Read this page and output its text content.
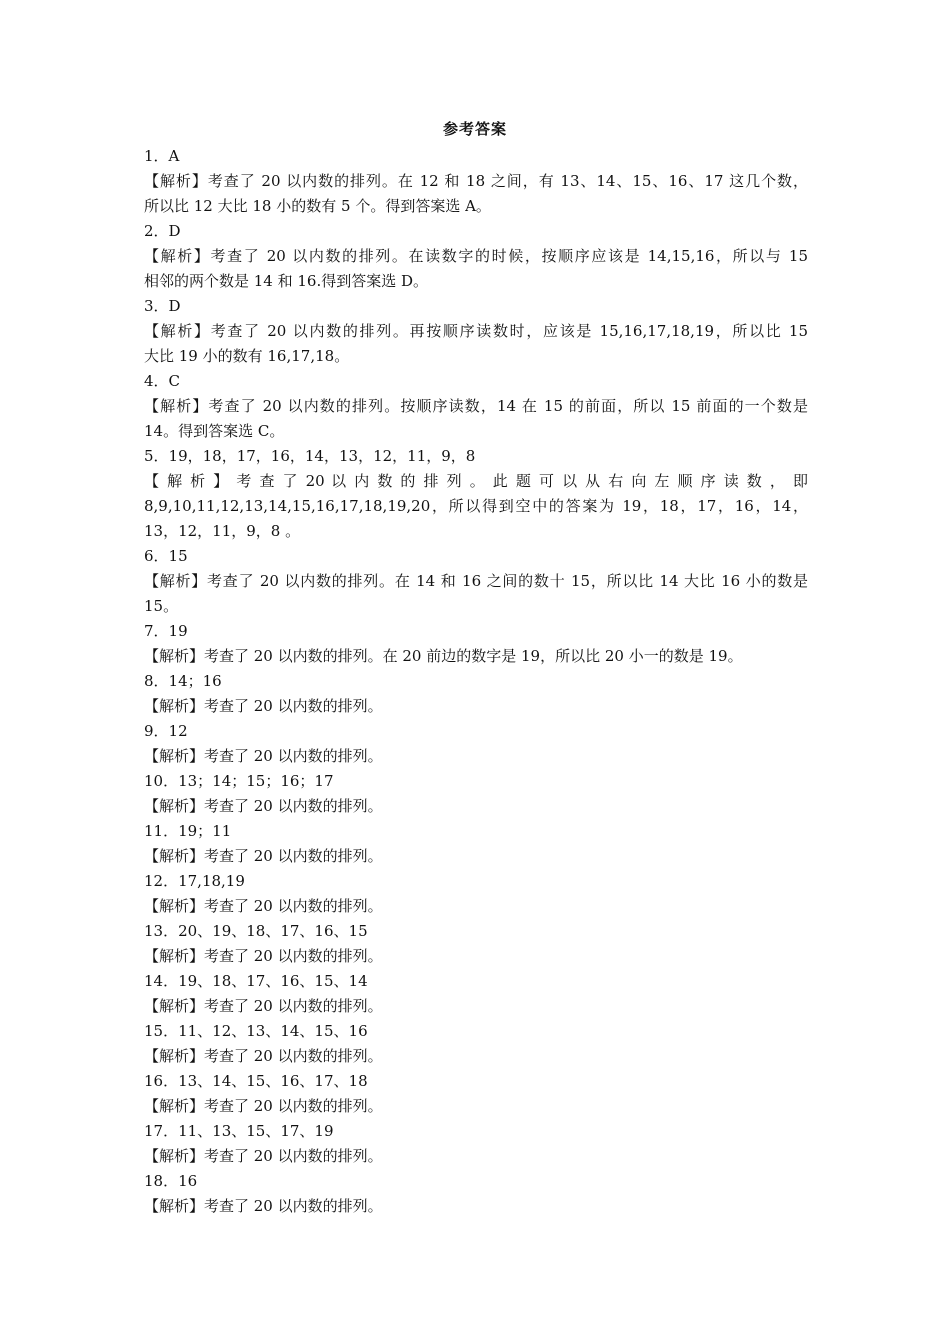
参考答案
1．A
【解析】考查了 20 以内数的排列。在 12 和 18 之间，有 13、14、15、16、17 这几个数，
所以比 12 大比 18 小的数有 5 个。得到答案选 A。
2．D
【解析】考查了 20 以内数的排列。在读数字的时候，按顺序应该是 14,15,16，所以与 15
相邻的两个数是 14 和 16.得到答案选 D。
3．D
【解析】考查了 20 以内数的排列。再按顺序读数时，应该是 15,16,17,18,19，所以比 15
大比 19 小的数有 16,17,18。
4．C
【解析】考查了 20 以内数的排列。按顺序读数，14 在 15 的前面，所以 15 前面的一个数是
14。得到答案选 C。
5．19，18，17，16，14，13，12，11，9，8
【 解 析 】 考 查 了 20 以 内 数 的 排 列 。 此 题 可 以 从 右 向 左 顺 序 读 数 ， 即
8,9,10,11,12,13,14,15,16,17,18,19,20，所以得到空中的答案为 19，18，17，16，14，
13，12，11，9，8 。
6．15
【解析】考查了 20 以内数的排列。在 14 和 16 之间的数十 15，所以比 14 大比 16 小的数是
15。
7．19
【解析】考查了 20 以内数的排列。在 20 前边的数字是 19，所以比 20 小一的数是 19。
8．14；16
【解析】考查了 20 以内数的排列。
9．12
【解析】考查了 20 以内数的排列。
10．13；14；15；16；17
【解析】考查了 20 以内数的排列。
11．19；11
【解析】考查了 20 以内数的排列。
12．17,18,19
【解析】考查了 20 以内数的排列。
13．20、19、18、17、16、15
【解析】考查了 20 以内数的排列。
14．19、18、17、16、15、14
【解析】考查了 20 以内数的排列。
15．11、12、13、14、15、16
【解析】考查了 20 以内数的排列。
16．13、14、15、16、17、18
【解析】考查了 20 以内数的排列。
17．11、13、15、17、19
【解析】考查了 20 以内数的排列。
18．16
【解析】考查了 20 以内数的排列。
